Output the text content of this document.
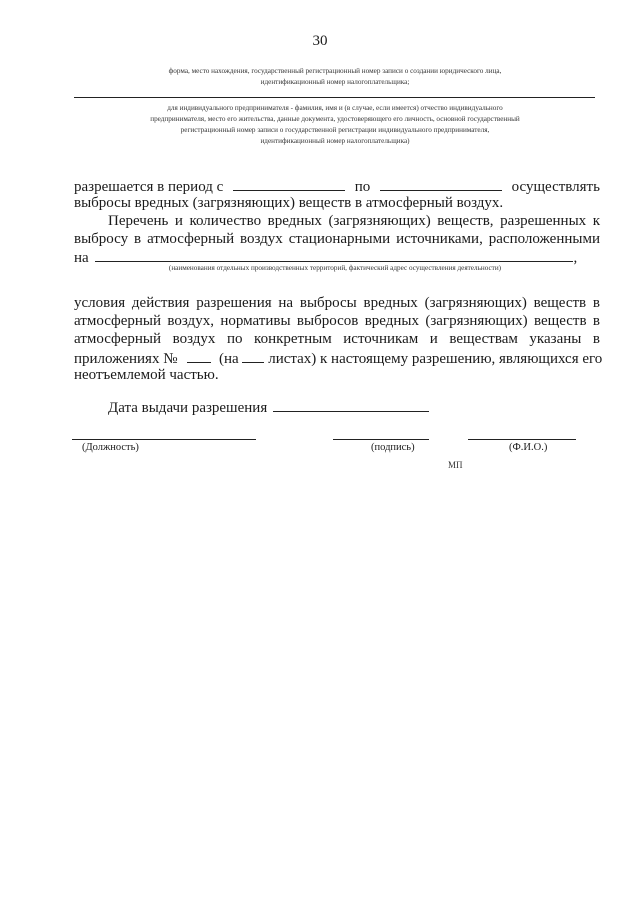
30
форма, место нахождения, государственный регистрационный номер записи о создании юридического лица, идентификационный номер налогоплательщика;
для индивидуального предпринимателя - фамилия, имя и (в случае, если имеется) отчество индивидуального предпринимателя, место его жительства, данные документа, удостоверяющего его личность, основной государственный регистрационный номер записи о государственной регистрации индивидуального предпринимателя, идентификационный номер налогоплательщика)
разрешается в период с	по	осуществлять
выбросы вредных (загрязняющих) веществ в атмосферный воздух.
Перечень и количество вредных (загрязняющих) веществ, разрешенных к
выбросу в атмосферный воздух стационарными источниками, расположенными
на	,
(наименования отдельных производственных территорий, фактический адрес осуществления деятельности)
условия действия разрешения на выбросы вредных (загрязняющих) веществ в
атмосферный воздух, нормативы выбросов вредных (загрязняющих) веществ в
атмосферный воздух по конкретным источникам и веществам указаны в
приложениях №	(на листах) к настоящему разрешению, являющихся его
неотъемлемой частью.
Дата выдачи разрешения
(Должность)	(подпись)	(Ф.И.О.)
МП
